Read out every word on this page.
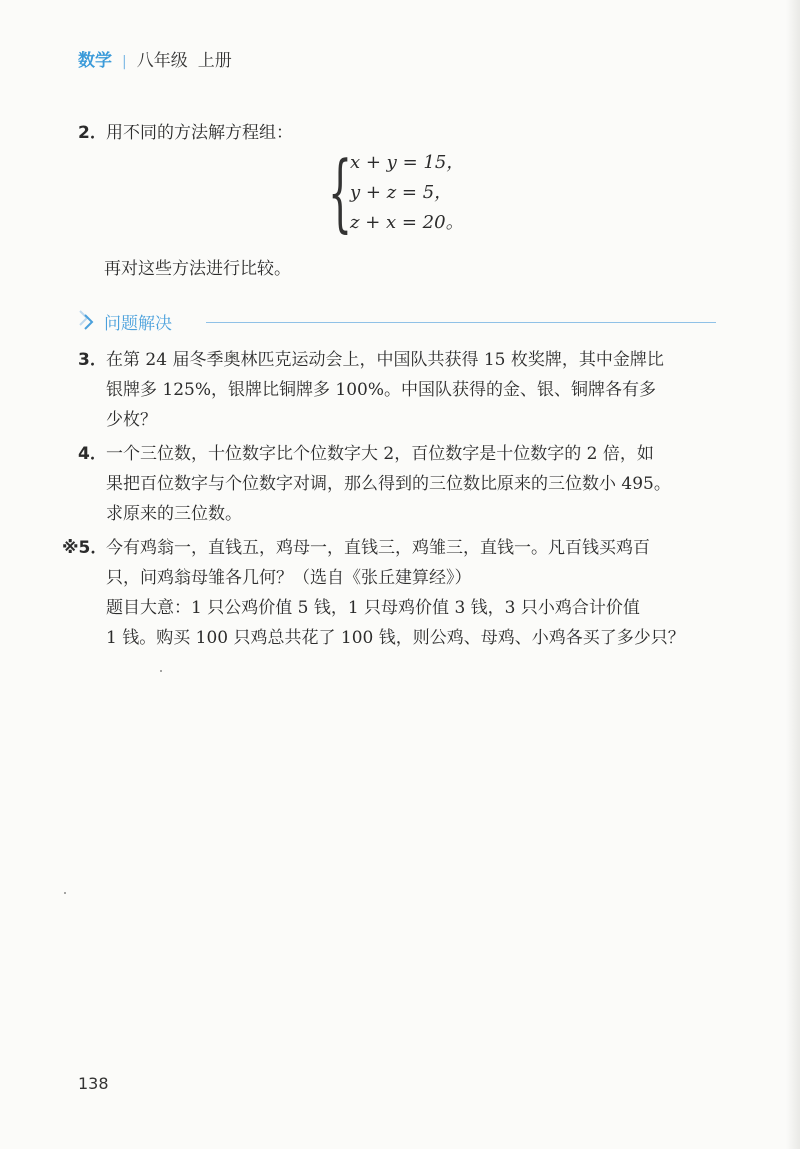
数学 | 八年级 上册
2． 用不同的方法解方程组：
{
x + y = 15，
y + z = 5，
z + x = 20。
再对这些方法进行比较。
问题解决
3． 在第 24 届冬季奥林匹克运动会上，中国队共获得 15 枚奖牌，其中金牌比
银牌多 125%，银牌比铜牌多 100%。中国队获得的金、银、铜牌各有多
少枚？
4． 一个三位数，十位数字比个位数字大 2，百位数字是十位数字的 2 倍，如
果把百位数字与个位数字对调，那么得到的三位数比原来的三位数小 495。
求原来的三位数。
※5．
今有鸡翁一，直钱五，鸡母一，直钱三，鸡雏三，直钱一。凡百钱买鸡百
只，问鸡翁母雏各几何？（选自《张丘建算经》）
题目大意：1 只公鸡价值 5 钱，1 只母鸡价值 3 钱，3 只小鸡合计价值
1 钱。购买 100 只鸡总共花了 100 钱，则公鸡、母鸡、小鸡各买了多少只？
138
